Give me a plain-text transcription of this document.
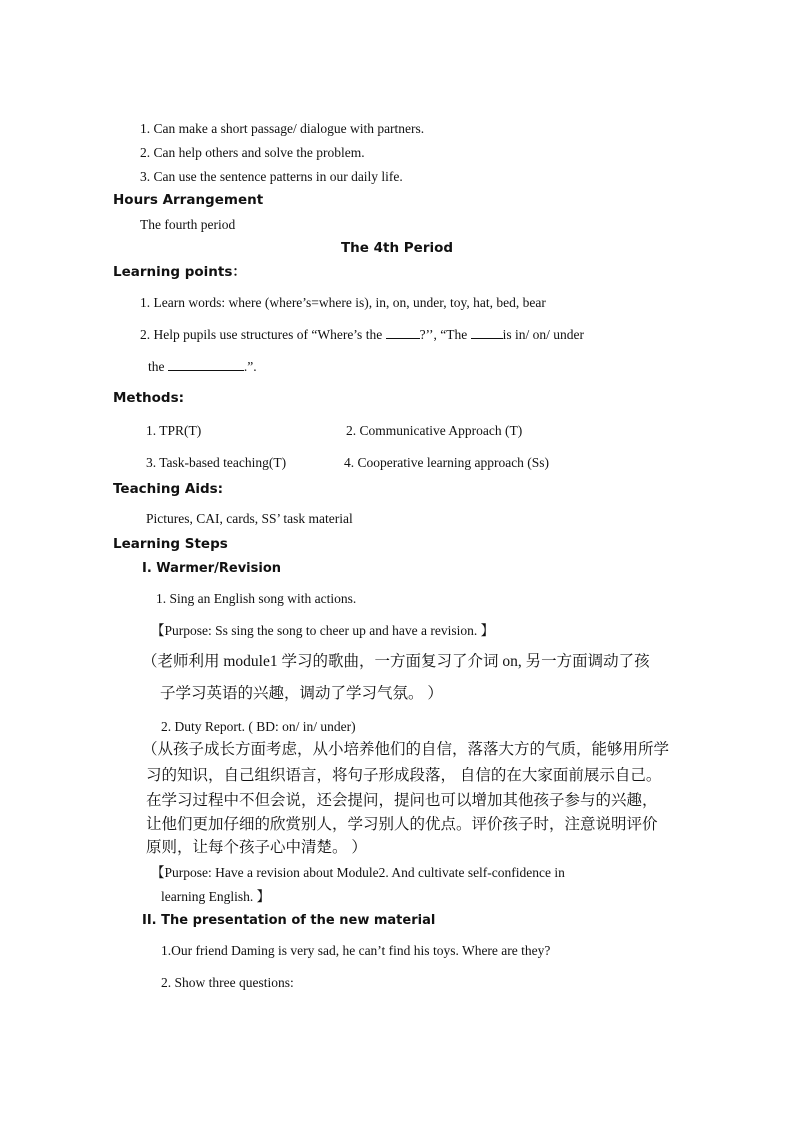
1. Can make a short passage/ dialogue with partners.
2. Can help others and solve the problem.
3. Can use the sentence patterns in our daily life.
Hours Arrangement
The fourth period
The 4th Period
Learning points：
1. Learn words: where (where’s=where is), in, on, under, toy, hat, bed, bear
2. Help pupils use structures of “Where’s the	?’’, “The is in/ on/ under
the	.”.
Methods:
1. TPR(T)	2. Communicative Approach (T)
3. Task-based teaching(T)	4. Cooperative learning approach (Ss)
Teaching Aids:
Pictures, CAI, cards, SS’ task material
Learning Steps
I. Warmer/Revision
1. Sing an English song with actions.
【Purpose: Ss sing the song to cheer up and have a revision. 】
（老师利用 module1 学习的歌曲，一方面复习了介词 on, 另一方面调动了孩
子学习英语的兴趣，调动了学习气氛。 ）
2. Duty Report. ( BD: on/ in/ under)
（从孩子成长方面考虑，从小培养他们的自信，落落大方的气质，能够用所学
习的知识，自己组织语言，将句子形成段落， 自信的在大家面前展示自己。
在学习过程中不但会说，还会提问，提问也可以增加其他孩子参与的兴趣，
让他们更加仔细的欣赏别人，学习别人的优点。评价孩子时，注意说明评价
原则，让每个孩子心中清楚。 ）
【Purpose: Have a revision about Module2. And cultivate self-confidence in
learning English. 】
II. The presentation of the new material
1.Our friend Daming is very sad, he can’t find his toys. Where are they?
2. Show three questions:
